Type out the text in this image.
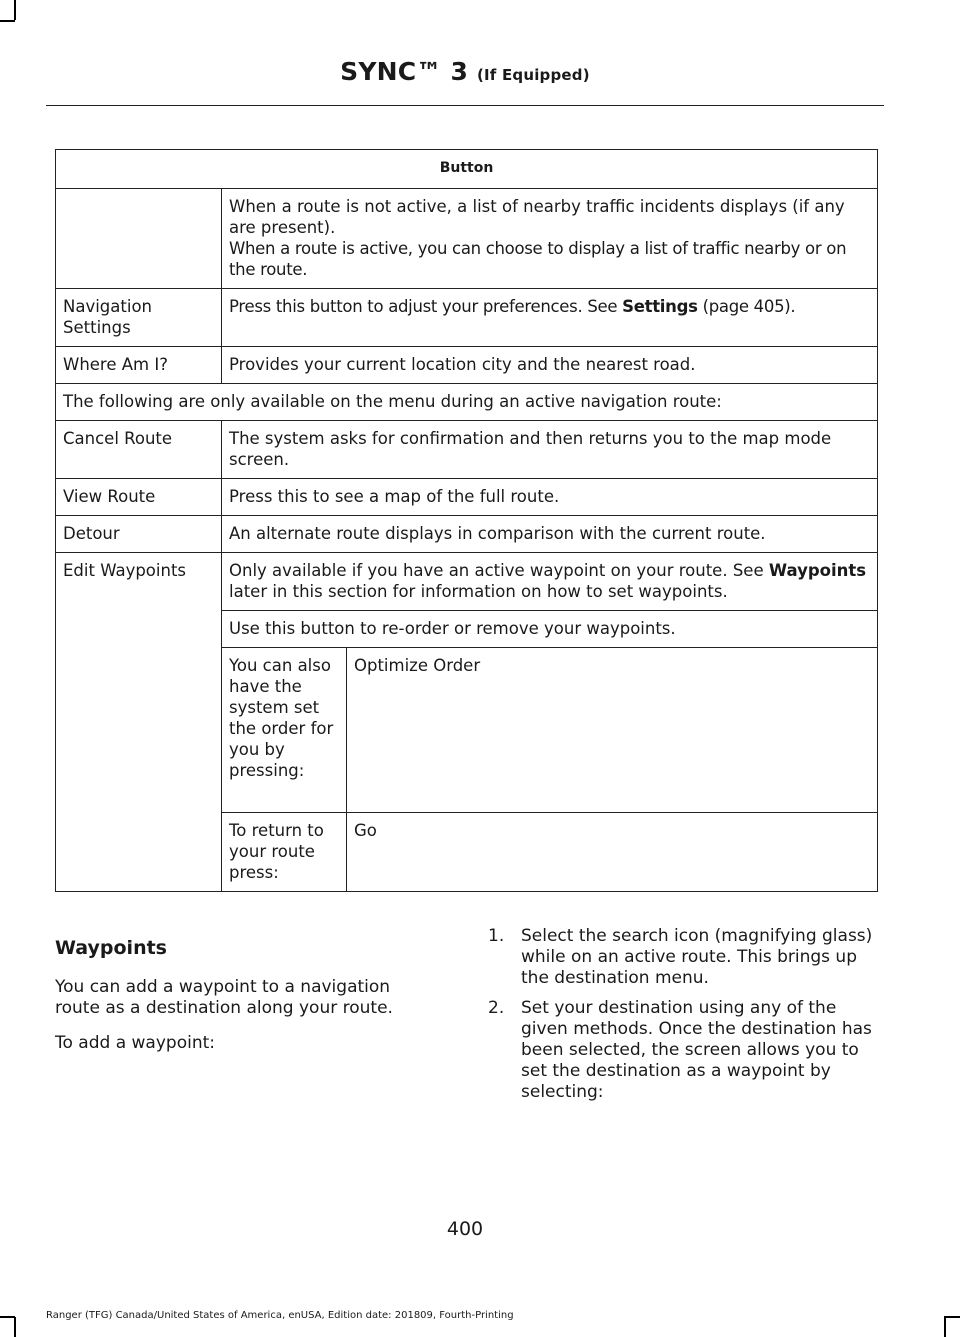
SYNC™ 3 (If Equipped)
Button		

	When a route is not active, a list of nearby traffic incidents displays (if any are present).
When a route is active, you can choose to display a list of traffic nearby or on the route.	

Navigation Settings	Press this button to adjust your preferences. See Settings (page 405).	
Where Am I?	Provides your current location city and the nearest road.	
The following are only available on the menu during an active navigation route:		
Cancel Route	The system asks for confirmation and then returns you to the map mode screen.	
View Route	Press this to see a map of the full route.	
Detour	An alternate route displays in comparison with the current route.	
Edit Waypoints	Only available if you have an active waypoint on your route. See Waypoints later in this section for information on how to set waypoints.	
	Use this button to re-order or remove your waypoints.	
	You can also have the system set the order for you by pressing:	Optimize Order
	To return to your route press:	Go
Waypoints

You can add a waypoint to a navigation route as a destination along your route.

To add a waypoint:

1. Select the search icon (magnifying glass) while on an active route. This brings up the destination menu.
2. Set your destination using any of the given methods. Once the destination has been selected, the screen allows you to set the destination as a waypoint by selecting:
400
Ranger (TFG) Canada/United States of America, enUSA, Edition date: 201809, Fourth-Printing
